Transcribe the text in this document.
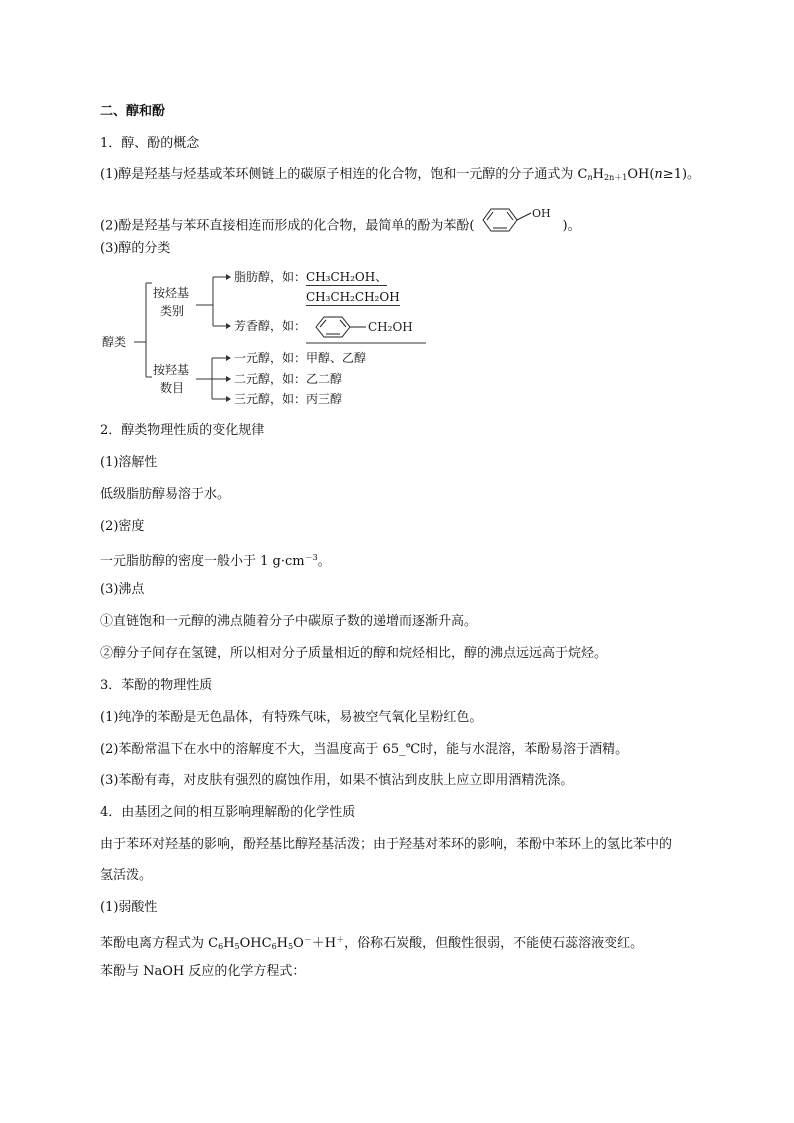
二、醇和酚
1．醇、酚的概念
(1)醇是羟基与烃基或苯环侧链上的碳原子相连的化合物，饱和一元醇的分子通式为 $C_nH_{2n+1}OH(n\ge 1)$。
(2)酚是羟基与苯环直接相连而形成的化合物，最简单的酚为苯酚(
OH
)。
(3)醇的分类
醇类
按烃基
类别
按羟基
数目
脂肪醇，如：CH₃CH₂OH、
CH₃CH₂CH₂OH
芳香醇，如：	CH₂OH
一元醇，如：甲醇、乙醇
二元醇，如：乙二醇
三元醇，如：丙三醇
2．醇类物理性质的变化规律
(1)溶解性
低级脂肪醇易溶于水。
(2)密度
一元脂肪醇的密度一般小于 1 $g\cdot cm^{-3}$。
(3)沸点
①直链饱和一元醇的沸点随着分子中碳原子数的递增而逐渐升高。
②醇分子间存在氢键，所以相对分子质量相近的醇和烷烃相比，醇的沸点远远高于烷烃。
3．苯酚的物理性质
(1)纯净的苯酚是无色晶体，有特殊气味，易被空气氧化呈粉红色。
(2)苯酚常温下在水中的溶解度不大，当温度高于 65_℃时，能与水混溶，苯酚易溶于酒精。
(3)苯酚有毒，对皮肤有强烈的腐蚀作用，如果不慎沾到皮肤上应立即用酒精洗涤。
4．由基团之间的相互影响理解酚的化学性质
由于苯环对羟基的影响，酚羟基比醇羟基活泼；由于羟基对苯环的影响，苯酚中苯环上的氢比苯中的
氢活泼。
(1)弱酸性
苯酚电离方程式为 $C_6H_5OHC_6H_5O^-+H^+$，俗称石炭酸，但酸性很弱，不能使石蕊溶液变红。
苯酚与 NaOH 反应的化学方程式：
